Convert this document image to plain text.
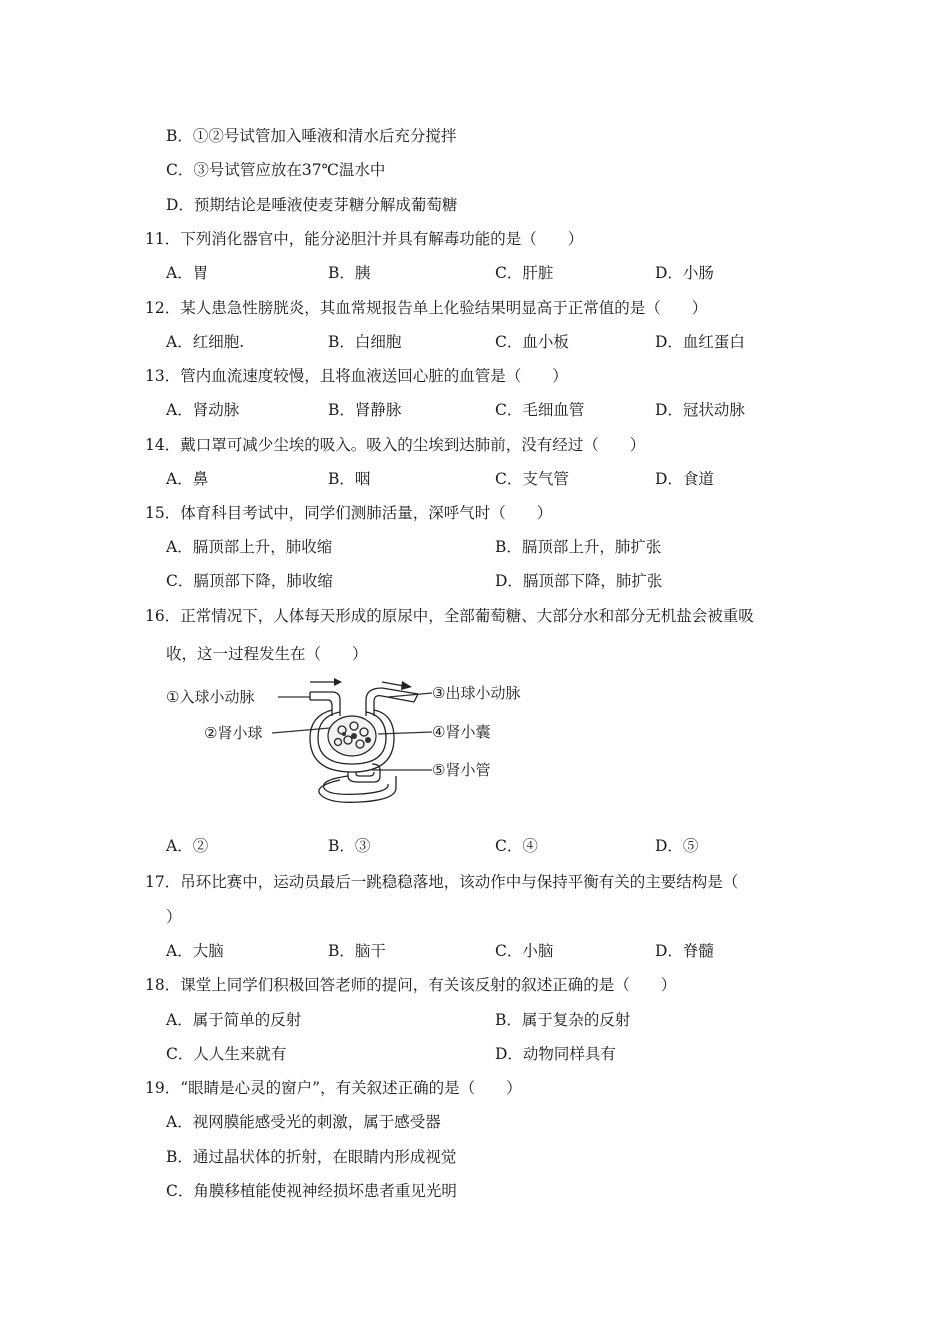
B．①②号试管加入唾液和清水后充分搅拌
C．③号试管应放在37℃温水中
D．预期结论是唾液使麦芽糖分解成葡萄糖
11．下列消化器官中，能分泌胆汁并具有解毒功能的是（　　）
A．胃	B．胰	C．肝脏	D．小肠
12．某人患急性膀胱炎，其血常规报告单上化验结果明显高于正常值的是（　　）
A．红细胞.	B．白细胞	C．血小板	D．血红蛋白
13．管内血流速度较慢，且将血液送回心脏的血管是（　　）
A．肾动脉	B．肾静脉	C．毛细血管	D．冠状动脉
14．戴口罩可减少尘埃的吸入。吸入的尘埃到达肺前，没有经过（　　）
A．鼻	B．咽	C．支气管	D．食道
15．体育科目考试中，同学们测肺活量，深呼气时（　　）
A．膈顶部上升，肺收缩	B．膈顶部上升，肺扩张
C．膈顶部下降，肺收缩	D．膈顶部下降，肺扩张
16．正常情况下，人体每天形成的原尿中，全部葡萄糖、大部分水和部分无机盐会被重吸
收，这一过程发生在（　　）
①入球小动脉
②肾小球
③出球小动脉
④肾小囊
⑤肾小管
A．②	B．③	C．④	D．⑤
17．吊环比赛中，运动员最后一跳稳稳落地，该动作中与保持平衡有关的主要结构是（
）
A．大脑	B．脑干	C．小脑	D．脊髓
18．课堂上同学们积极回答老师的提问，有关该反射的叙述正确的是（　　）
A．属于简单的反射	B．属于复杂的反射
C．人人生来就有	D．动物同样具有
19．“眼睛是心灵的窗户”，有关叙述正确的是（　　）
A．视网膜能感受光的刺激，属于感受器
B．通过晶状体的折射，在眼睛内形成视觉
C．角膜移植能使视神经损坏患者重见光明
